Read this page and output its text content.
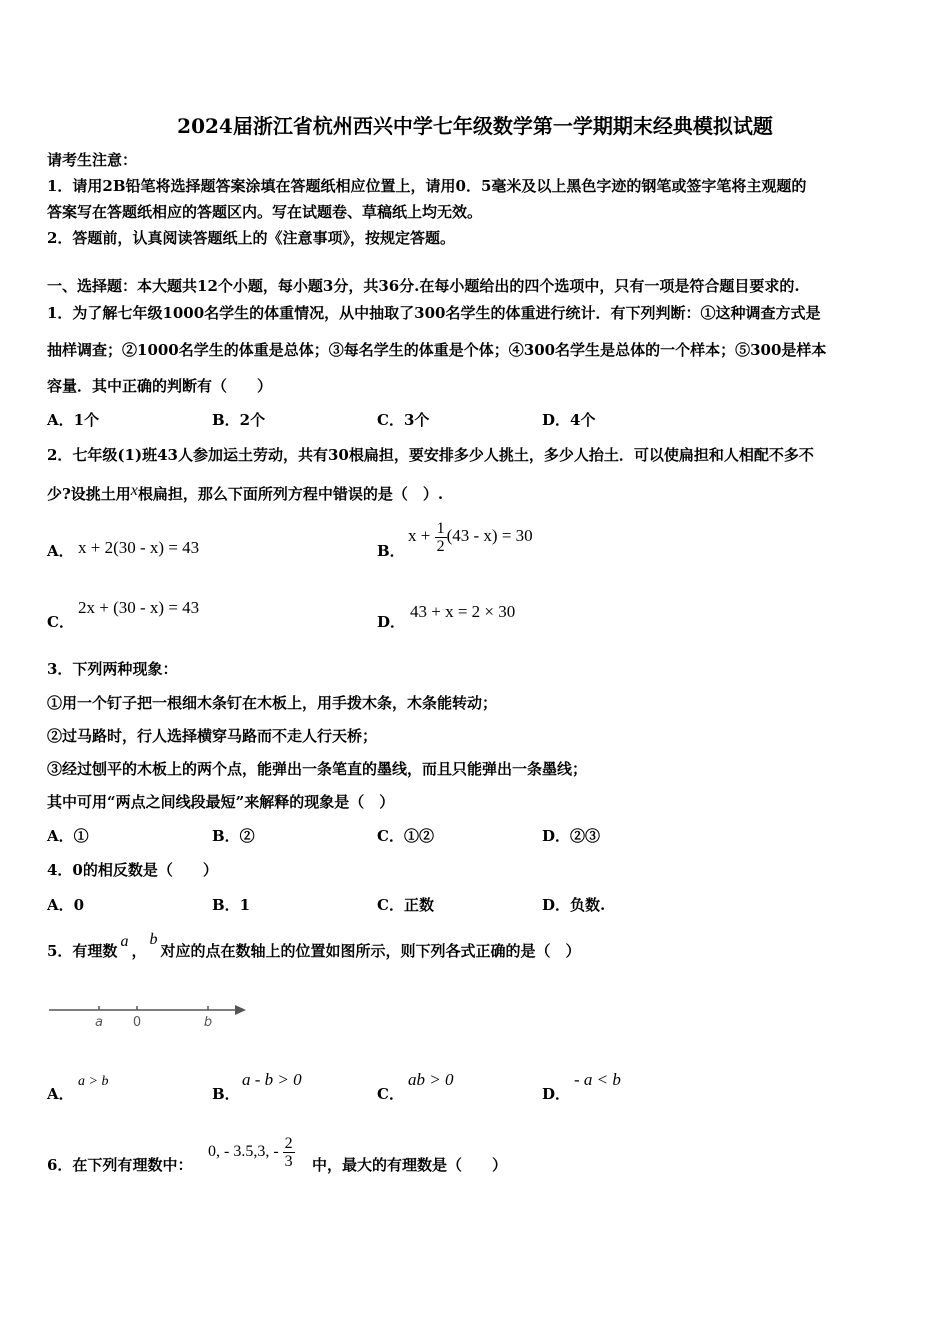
2024届浙江省杭州西兴中学七年级数学第一学期期末经典模拟试题
请考生注意：
1．请用2B铅笔将选择题答案涂填在答题纸相应位置上，请用0．5毫米及以上黑色字迹的钢笔或签字笔将主观题的
答案写在答题纸相应的答题区内。写在试题卷、草稿纸上均无效。
2．答题前，认真阅读答题纸上的《注意事项》，按规定答题。
一、选择题：本大题共12个小题，每小题3分，共36分.在每小题给出的四个选项中，只有一项是符合题目要求的.
1．为了解七年级1000名学生的体重情况，从中抽取了300名学生的体重进行统计．有下列判断：①这种调查方式是
抽样调查；②1000名学生的体重是总体；③每名学生的体重是个体；④300名学生是总体的一个样本；⑤300是样本
容量．其中正确的判断有（　　）
A．1个	B．2个	C．3个	D．4个
2．七年级(1)班43人参加运土劳动，共有30根扁担，要安排多少人挑土，多少人抬土．可以使扁担和人相配不多不
少?设挑土用x根扁担，那么下面所列方程中错误的是（　）.
A． x + 2(30 - x) = 43	B．
$x + \frac{1}{2} (43 - x) = 30$
C．
2x + (30 - x) = 43
D．
43 + x = 2 × 30
3．下列两种现象：
①用一个钉子把一根细木条钉在木板上，用手拨木条，木条能转动；
②过马路时，行人选择横穿马路而不走人行天桥；
③经过刨平的木板上的两个点，能弹出一条笔直的墨线，而且只能弹出一条墨线；
其中可用“两点之间线段最短”来解释的现象是（　）
A．①	B．②	C．①②	D．②③
4．0的相反数是（　　）
A．0	B．1	C．正数	D．负数.
5．有理数a，b对应的点在数轴上的位置如图所示，则下列各式正确的是（　）
a 0	b
A．
a > b
B．
a - b > 0
C．
ab > 0
D．
- a < b
6．在下列有理数中：
0, - 3.5,3, - $\frac{2}{3}$ 中，最大的有理数是（　　）
